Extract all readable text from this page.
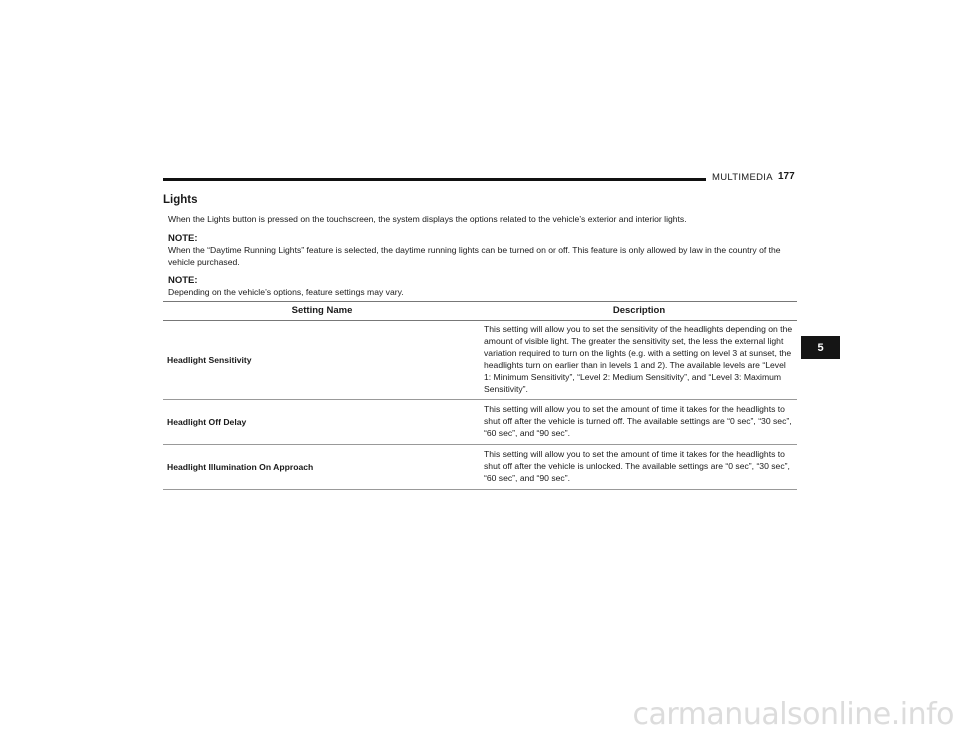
MULTIMEDIA 177
Lights

When the Lights button is pressed on the touchscreen, the system displays the options related to the vehicle’s exterior and interior lights.

NOTE:

When the “Daytime Running Lights” feature is selected, the daytime running lights can be turned on or off. This feature is only allowed by law in the country of the vehicle purchased.

NOTE:

Depending on the vehicle’s options, feature settings may vary.

Setting Name	Description
Headlight Sensitivity	This setting will allow you to set the sensitivity of the headlights depending on the amount of visible light. The greater the sensitivity set, the less the external light variation required to turn on the lights (e.g. with a setting on level 3 at sunset, the headlights turn on earlier than in levels 1 and 2). The available levels are “Level 1: Minimum Sensitivity”, “Level 2: Medium Sensitivity”, and “Level 3: Maximum Sensitivity”.
Headlight Off Delay	This setting will allow you to set the amount of time it takes for the headlights to shut off after the vehicle is turned off. The available settings are “0 sec”, “30 sec”, “60 sec”, and “90 sec”.
Headlight Illumination On Approach	This setting will allow you to set the amount of time it takes for the headlights to shut off after the vehicle is unlocked. The available settings are “0 sec”, “30 sec”, “60 sec”, and “90 sec”.
5
carmanualsonline.info
